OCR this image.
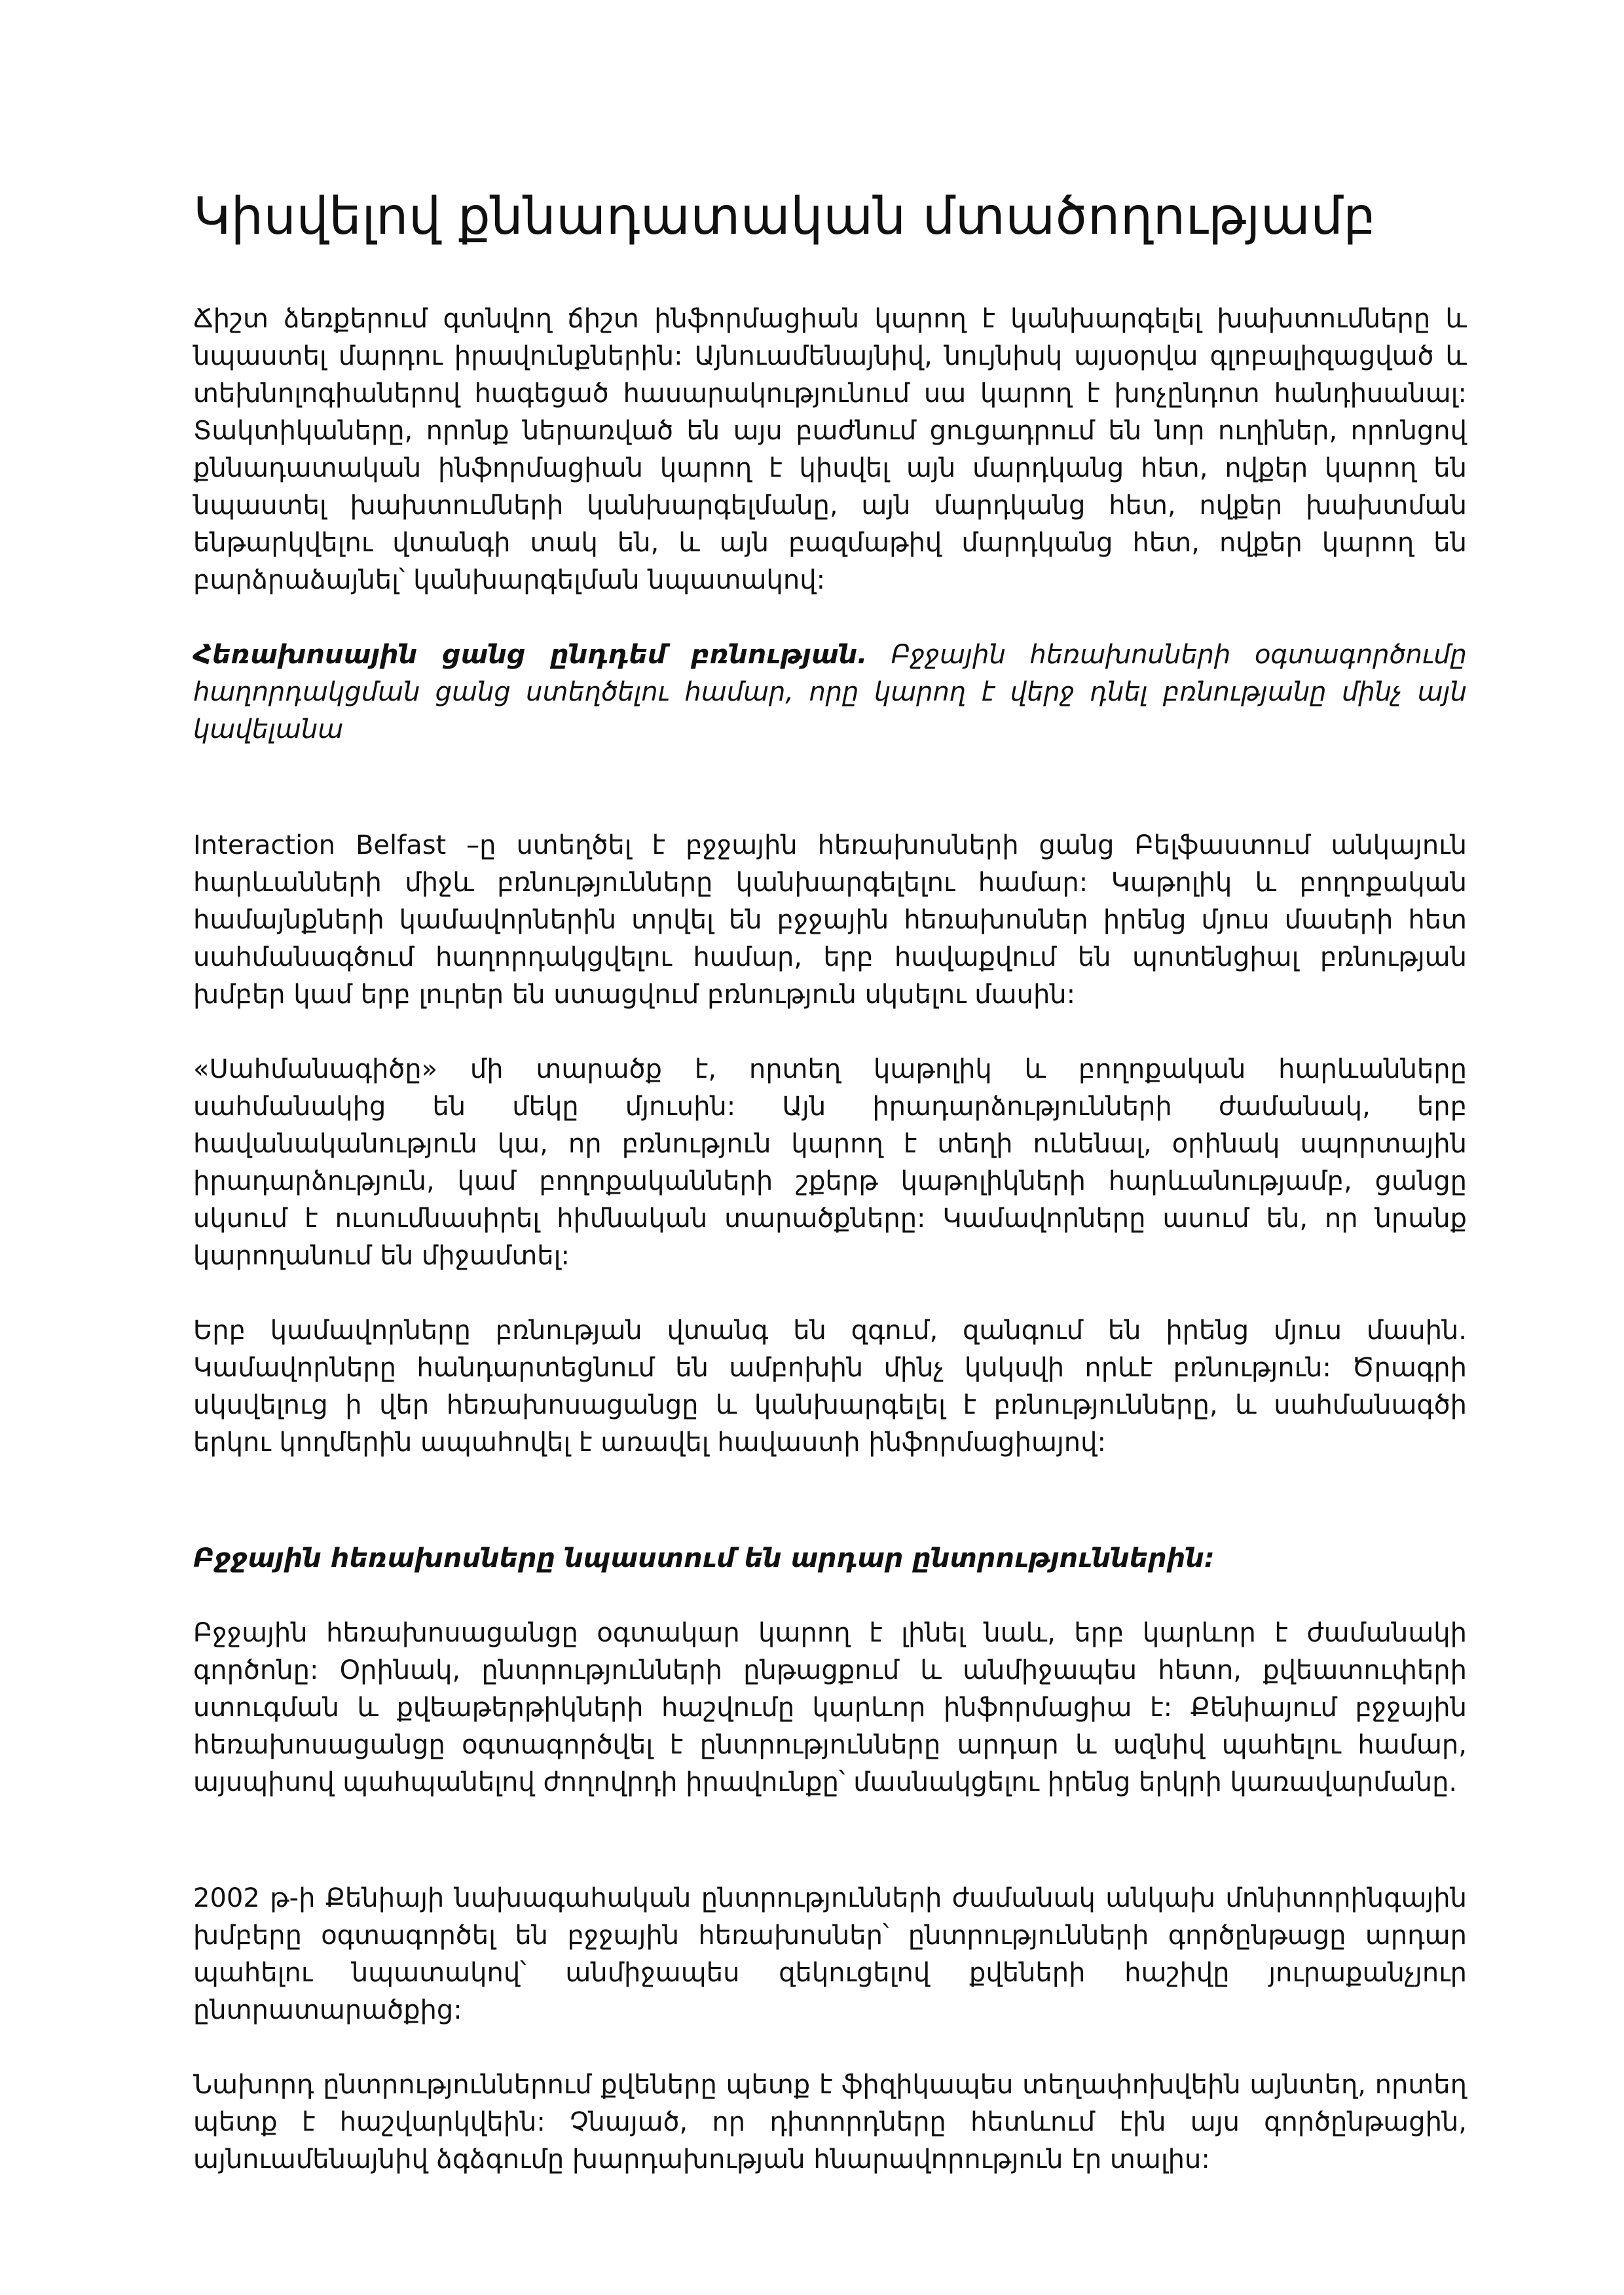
Կիսվելով քննադատական մտածողությամբ

Ճիշտ ձեռքերում գտնվող ճիշտ ինֆորմացիան կարող է կանխարգելել խախտումները և նպաստել մարդու իրավունքներին: Այնուամենայնիվ, նույնիսկ այսօրվա գլոբալիզացված և տեխնոլոգիաներով հագեցած հասարակությունում սա կարող է խոչընդոտ հանդիսանալ: Տակտիկաները, որոնք ներառված են այս բաժնում ցուցադրում են նոր ուղիներ, որոնցով քննադատական ինֆորմացիան կարող է կիսվել այն մարդկանց հետ, ովքեր կարող են նպաստել խախտումների կանխարգելմանը, այն մարդկանց հետ, ովքեր խախտման ենթարկվելու վտանգի տակ են, և այն բազմաթիվ մարդկանց հետ, ովքեր կարող են բարձրաձայնել՝ կանխարգելման նպատակով:

Հեռախոսային ցանց ընդդեմ բռնության. Բջջային հեռախոսների օգտագործումը հաղորդակցման ցանց ստեղծելու համար, որը կարող է վերջ դնել բռնությանը մինչ այն կավելանա

Interaction Belfast –ը ստեղծել է բջջային հեռախոսների ցանց Բելֆաստում անկայուն հարևանների միջև բռնությունները կանխարգելելու համար: Կաթոլիկ և բողոքական համայնքների կամավորներին տրվել են բջջային հեռախոսներ իրենց մյուս մասերի հետ սահմանագծում հաղորդակցվելու համար, երբ հավաքվում են պոտենցիալ բռնության խմբեր կամ երբ լուրեր են ստացվում բռնություն սկսելու մասին:

«Սահմանագիծը» մի տարածք է, որտեղ կաթոլիկ և բողոքական հարևանները սահմանակից են մեկը մյուսին: Այն իրադարձությունների ժամանակ, երբ հավանականություն կա, որ բռնություն կարող է տեղի ունենալ, օրինակ սպորտային իրադարձություն, կամ բողոքականների շքերթ կաթոլիկների հարևանությամբ, ցանցը սկսում է ուսումնասիրել հիմնական տարածքները: Կամավորները ասում են, որ նրանք կարողանում են միջամտել:

Երբ կամավորները բռնության վտանգ են զգում, զանգում են իրենց մյուս մասին. Կամավորները հանդարտեցնում են ամբոխին մինչ կսկսվի որևէ բռնություն: Ծրագրի սկսվելուց ի վեր հեռախոսացանցը և կանխարգելել է բռնությունները, և սահմանագծի երկու կողմերին ապահովել է առավել հավաստի ինֆորմացիայով:

Բջջային հեռախոսները նպաստում են արդար ընտրություններին:

Բջջային հեռախոսացանցը օգտակար կարող է լինել նաև, երբ կարևոր է ժամանակի գործոնը: Օրինակ, ընտրությունների ընթացքում և անմիջապես հետո, քվեատուփերի ստուգման և քվեաթերթիկների հաշվումը կարևոր ինֆորմացիա է: Քենիայում բջջային հեռախոսացանցը օգտագործվել է ընտրությունները արդար և ազնիվ պահելու համար, այսպիսով պահպանելով ժողովրդի իրավունքը՝ մասնակցելու իրենց երկրի կառավարմանը.

2002 թ-ի Քենիայի նախագահական ընտրությունների ժամանակ անկախ մոնիտորինգային խմբերը օգտագործել են բջջային հեռախոսներ՝ ընտրությունների գործընթացը արդար պահելու նպատակով՝ անմիջապես զեկուցելով քվեների հաշիվը յուրաքանչյուր ընտրատարածքից:

Նախորդ ընտրություններում քվեները պետք է ֆիզիկապես տեղափոխվեին այնտեղ, որտեղ պետք է հաշվարկվեին: Չնայած, որ դիտորդները հետևում էին այս գործընթացին, այնուամենայնիվ ձգձգումը խարդախության հնարավորություն էր տալիս:
